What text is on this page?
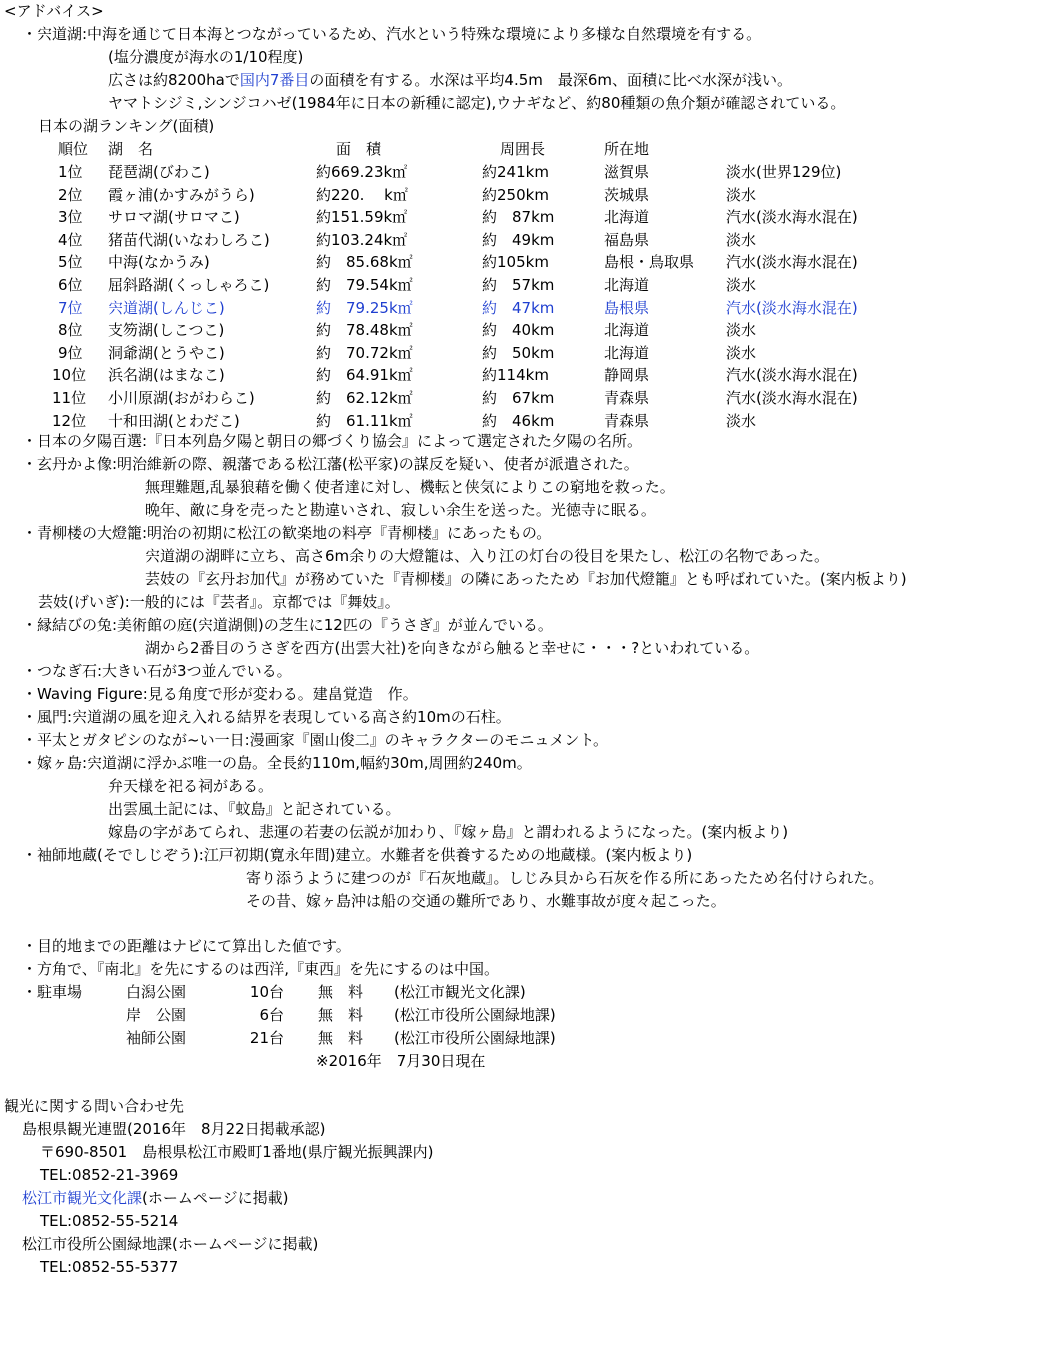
<アドバイス>
・宍道湖:中海を通じて日本海とつながっているため、汽水という特殊な環境により多様な自然環境を有する。
(塩分濃度が海水の1/10程度)
広さは約8200haで国内7番目の面積を有する。水深は平均4.5m　最深6m、面積に比べ水深が浅い。
ヤマトシジミ,シンジコハゼ(1984年に日本の新種に認定),ウナギなど、約80種類の魚介類が確認されている。
日本の湖ランキング(面積)
順位 湖　名	面　積	周囲長	所在地
1位 琵琶湖(びわこ)	約669.23k㎡	約241km	滋賀県	淡水(世界129位)
2位 霞ヶ浦(かすみがうら)	約220.　 k㎡	約250km	茨城県	淡水
3位 サロマ湖(サロマこ)	約151.59k㎡	約　87km	北海道	汽水(淡水海水混在)
4位 猪苗代湖(いなわしろこ)	約103.24k㎡	約　49km	福島県	淡水
5位 中海(なかうみ)	約　85.68k㎡	約105km	島根・鳥取県 汽水(淡水海水混在)
6位 屈斜路湖(くっしゃろこ)	約　79.54k㎡	約　57km	北海道	淡水
7位 宍道湖(しんじこ)	約　79.25k㎡	約　47km	島根県	汽水(淡水海水混在)
8位 支笏湖(しこつこ)	約　78.48k㎡	約　40km	北海道	淡水
9位 洞爺湖(とうやこ)	約　70.72k㎡	約　50km	北海道	淡水
10位 浜名湖(はまなこ)	約　64.91k㎡	約114km	静岡県	汽水(淡水海水混在)
11位 小川原湖(おがわらこ)	約　62.12k㎡	約　67km	青森県	汽水(淡水海水混在)
12位 十和田湖(とわだこ)	約　61.11k㎡	約　46km	青森県	淡水
・日本の夕陽百選:『日本列島夕陽と朝日の郷づくり協会』によって選定された夕陽の名所。
・玄丹かよ像:明治維新の際、親藩である松江藩(松平家)の謀反を疑い、使者が派遣された。
無理難題,乱暴狼藉を働く使者達に対し、機転と侠気によりこの窮地を救った。
晩年、敵に身を売ったと勘違いされ、寂しい余生を送った。光徳寺に眠る。
・青柳楼の大燈籠:明治の初期に松江の歓楽地の料亭『青柳楼』にあったもの。
宍道湖の湖畔に立ち、高さ6m余りの大燈籠は、入り江の灯台の役目を果たし、松江の名物であった。
芸妓の『玄丹お加代』が務めていた『青柳楼』の隣にあったため『お加代燈籠』とも呼ばれていた。(案内板より)
芸妓(げいぎ):一般的には『芸者』。京都では『舞妓』。
・縁結びの兔:美術館の庭(宍道湖側)の芝生に12匹の『うさぎ』が並んでいる。
湖から2番目のうさぎを西方(出雲大社)を向きながら触ると幸せに・・・?といわれている。
・つなぎ石:大きい石が3つ並んでいる。
・Waving Figure:見る角度で形が変わる。建畠覚造　作。
・風門:宍道湖の風を迎え入れる結界を表現している高さ約10mの石柱。
・平太とガタピシのなが~い一日:漫画家『園山俊二』のキャラクターのモニュメント。
・嫁ヶ島:宍道湖に浮かぶ唯一の島。全長約110m,幅約30m,周囲約240m。
弁天様を祀る祠がある。
出雲風土記には、『蚊島』と記されている。
嫁島の字があてられ、悲運の若妻の伝説が加わり、『嫁ヶ島』と謂われるようになった。(案内板より)
・袖師地蔵(そでしじぞう):江戸初期(寛永年間)建立。水難者を供養するための地蔵様。(案内板より)
寄り添うように建つのが『石灰地蔵』。しじみ貝から石灰を作る所にあったため名付けられた。
その昔、嫁ヶ島沖は船の交通の難所であり、水難事故が度々起こった。
・目的地までの距離はナビにて算出した値です。
・方角で、『南北』を先にするのは西洋,『東西』を先にするのは中国。
・駐車場	白潟公園	10台 無　料 (松江市観光文化課)
岸　公園	6台 無　料 (松江市役所公園緑地課)
袖師公園	21台 無　料 (松江市役所公園緑地課)
※2016年　7月30日現在
観光に関する問い合わせ先
島根県観光連盟(2016年　8月22日掲載承認)
〒690-8501　島根県松江市殿町1番地(県庁観光振興課内)
TEL:0852-21-3969
松江市観光文化課(ホームページに掲載)
TEL:0852-55-5214
松江市役所公園緑地課(ホームページに掲載)
TEL:0852-55-5377
